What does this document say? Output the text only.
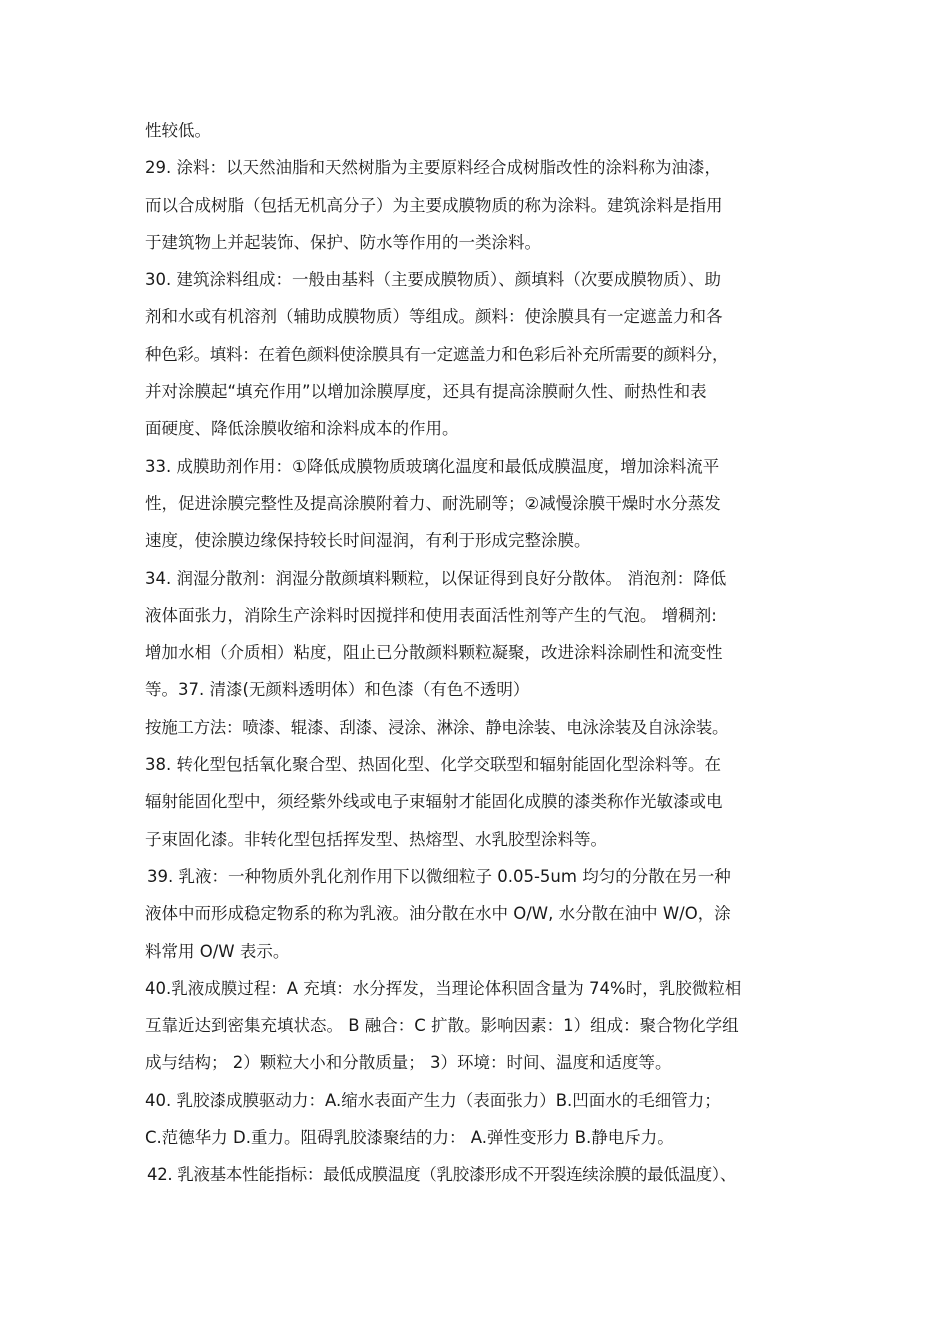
性较低。
29. 涂料：以天然油脂和天然树脂为主要原料经合成树脂改性的涂料称为油漆，
而以合成树脂（包括无机高分子）为主要成膜物质的称为涂料。建筑涂料是指用
于建筑物上并起装饰、保护、防水等作用的一类涂料。
30. 建筑涂料组成：一般由基料（主要成膜物质）、颜填料（次要成膜物质）、助
剂和水或有机溶剂（辅助成膜物质）等组成。颜料：使涂膜具有一定遮盖力和各
种色彩。填料：在着色颜料使涂膜具有一定遮盖力和色彩后补充所需要的颜料分，
并对涂膜起“填充作用”以增加涂膜厚度，还具有提高涂膜耐久性、耐热性和表
面硬度、降低涂膜收缩和涂料成本的作用。
33. 成膜助剂作用：①降低成膜物质玻璃化温度和最低成膜温度，增加涂料流平
性，促进涂膜完整性及提高涂膜附着力、耐洗刷等；②减慢涂膜干燥时水分蒸发
速度，使涂膜边缘保持较长时间湿润，有利于形成完整涂膜。
34. 润湿分散剂：润湿分散颜填料颗粒，以保证得到良好分散体。 消泡剂：降低
液体面张力，消除生产涂料时因搅拌和使用表面活性剂等产生的气泡。 增稠剂:
增加水相（介质相）粘度，阻止已分散颜料颗粒凝聚，改进涂料涂刷性和流变性
等。37. 清漆(无颜料透明体）和色漆（有色不透明）
按施工方法：喷漆、辊漆、刮漆、浸涂、淋涂、静电涂装、电泳涂装及自泳涂装。
38. 转化型包括氧化聚合型、热固化型、化学交联型和辐射能固化型涂料等。在
辐射能固化型中，须经紫外线或电子束辐射才能固化成膜的漆类称作光敏漆或电
子束固化漆。非转化型包括挥发型、热熔型、水乳胶型涂料等。
39. 乳液：一种物质外乳化剂作用下以微细粒子 0.05-5um 均匀的分散在另一种
液体中而形成稳定物系的称为乳液。油分散在水中 O/W, 水分散在油中 W/O，涂
料常用 O/W 表示。
40.乳液成膜过程：A 充填：水分挥发，当理论体积固含量为 74%时，乳胶微粒相
互靠近达到密集充填状态。 B 融合：C 扩散。影响因素：1）组成：聚合物化学组
成与结构； 2）颗粒大小和分散质量； 3）环境：时间、温度和适度等。
40. 乳胶漆成膜驱动力：A.缩水表面产生力（表面张力）B.凹面水的毛细管力；
C.范德华力 D.重力。阻碍乳胶漆聚结的力： A.弹性变形力 B.静电斥力。
42. 乳液基本性能指标：最低成膜温度（乳胶漆形成不开裂连续涂膜的最低温度）、
